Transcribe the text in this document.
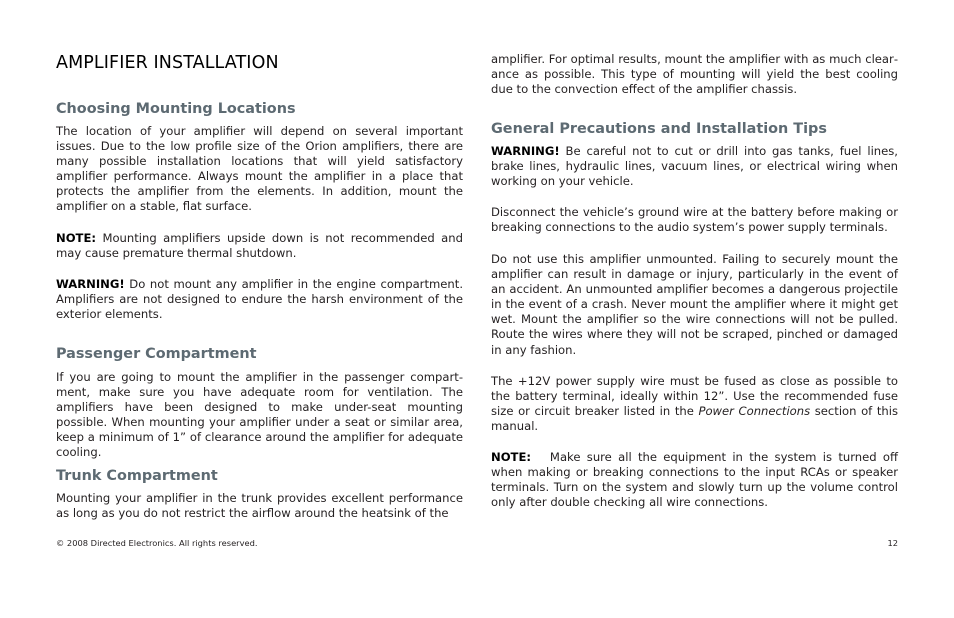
AMPLIFIER INSTALLATION
Choosing Mounting Locations

The location of your amplifier will depend on several important issues. Due to the low profile size of the Orion amplifiers, there are many possible installation locations that will yield satisfactory amplifier performance. Always mount the amplifier in a place that protects the amplifier from the elements. In addition, mount the amplifier on a stable, flat surface.

NOTE: Mounting amplifiers upside down is not recommended and may cause premature thermal shutdown.

WARNING! Do not mount any amplifier in the engine compartment. Amplifiers are not designed to endure the harsh environment of the exterior elements.

Passenger Compartment

If you are going to mount the amplifier in the passenger compartment, make sure you have adequate room for ventilation. The amplifiers have been designed to make under-seat mounting possible. When mounting your amplifier under a seat or similar area, keep a minimum of 1” of clearance around the amplifier for adequate cooling.

Trunk Compartment

Mounting your amplifier in the trunk provides excellent performance as long as you do not restrict the airflow around the heatsink of the

amplifier. For optimal results, mount the amplifier with as much clearance as possible. This type of mounting will yield the best cooling due to the convection effect of the amplifier chassis.

General Precautions and Installation Tips

WARNING! Be careful not to cut or drill into gas tanks, fuel lines, brake lines, hydraulic lines, vacuum lines, or electrical wiring when working on your vehicle.

Disconnect the vehicle’s ground wire at the battery before making or breaking connections to the audio system’s power supply terminals.

Do not use this amplifier unmounted. Failing to securely mount the amplifier can result in damage or injury, particularly in the event of an accident. An unmounted amplifier becomes a dangerous projectile in the event of a crash. Never mount the amplifier where it might get wet. Mount the amplifier so the wire connections will not be pulled. Route the wires where they will not be scraped, pinched or damaged in any fashion.

The +12V power supply wire must be fused as close as possible to the battery terminal, ideally within 12”. Use the recommended fuse size or circuit breaker listed in the Power Connections section of this manual.

NOTE:   Make sure all the equipment in the system is turned off when making or breaking connections to the input RCAs or speaker terminals. Turn on the system and slowly turn up the volume control only after double checking all wire connections.

© 2008 Directed Electronics. All rights reserved.	12
